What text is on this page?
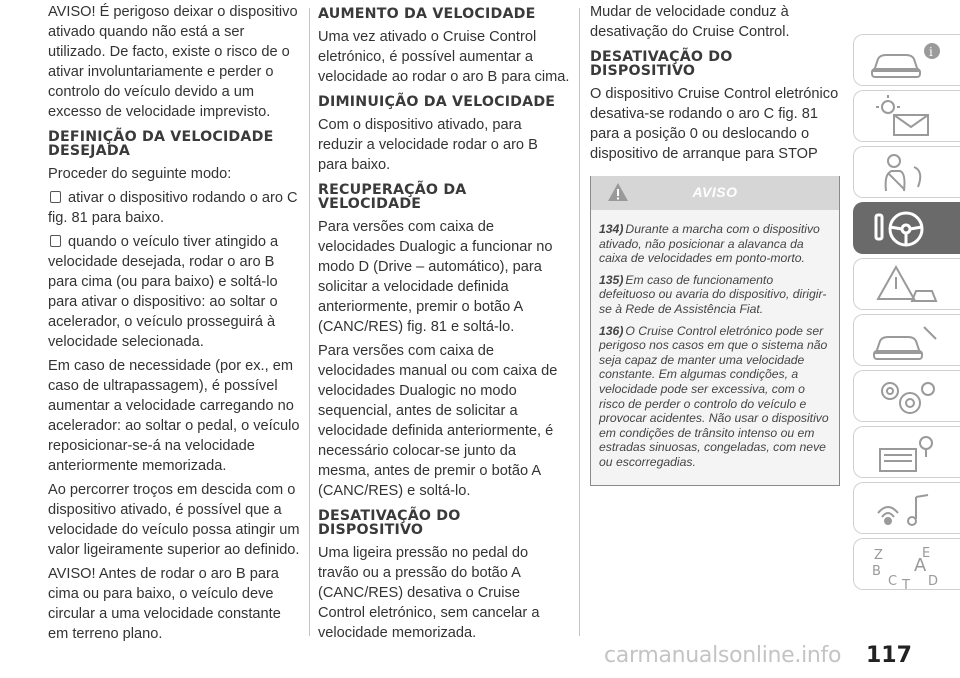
AVISO! É perigoso deixar o dispositivo ativado quando não está a ser utilizado. De facto, existe o risco de o ativar involuntariamente e perder o controlo do veículo devido a um excesso de velocidade imprevisto.

DEFINIÇÃO DA VELOCIDADE DESEJADA

Proceder do seguinte modo:

ativar o dispositivo rodando o aro C fig. 81 para baixo.

quando o veículo tiver atingido a velocidade desejada, rodar o aro B para cima (ou para baixo) e soltá-lo para ativar o dispositivo: ao soltar o acelerador, o veículo prosseguirá à velocidade selecionada.

Em caso de necessidade (por ex., em caso de ultrapassagem), é possível aumentar a velocidade carregando no acelerador: ao soltar o pedal, o veículo reposicionar-se-á na velocidade anteriormente memorizada.

Ao percorrer troços em descida com o dispositivo ativado, é possível que a velocidade do veículo possa atingir um valor ligeiramente superior ao definido.

AVISO! Antes de rodar o aro B para cima ou para baixo, o veículo deve circular a uma velocidade constante em terreno plano.

AUMENTO DA VELOCIDADE

Uma vez ativado o Cruise Control eletrónico, é possível aumentar a velocidade ao rodar o aro B para cima.

DIMINUIÇÃO DA VELOCIDADE

Com o dispositivo ativado, para reduzir a velocidade rodar o aro B para baixo.

RECUPERAÇÃO DA VELOCIDADE

Para versões com caixa de velocidades Dualogic a funcionar no modo D (Drive – automático), para solicitar a velocidade definida anteriormente, premir o botão A (CANC/RES) fig. 81 e soltá-lo.

Para versões com caixa de velocidades manual ou com caixa de velocidades Dualogic no modo sequencial, antes de solicitar a velocidade definida anteriormente, é necessário colocar-se junto da mesma, antes de premir o botão A (CANC/RES) e soltá-lo.

DESATIVAÇÃO DO DISPOSITIVO

Uma ligeira pressão no pedal do travão ou a pressão do botão A (CANC/RES) desativa o Cruise Control eletrónico, sem cancelar a velocidade memorizada.

Mudar de velocidade conduz à desativação do Cruise Control.

DESATIVAÇÃO DO DISPOSITIVO

O dispositivo Cruise Control eletrónico desativa-se rodando o aro C fig. 81 para a posição 0 ou deslocando o dispositivo de arranque para STOP

AVISO

134) Durante a marcha com o dispositivo ativado, não posicionar a alavanca da caixa de velocidades em ponto-morto.

135) Em caso de funcionamento defeituoso ou avaria do dispositivo, dirigir-se à Rede de Assistência Fiat.

136) O Cruise Control eletrónico pode ser perigoso nos casos em que o sistema não seja capaz de manter uma velocidade constante. Em algumas condições, a velocidade pode ser excessiva, com o risco de perder o controlo do veículo e provocar acidentes. Não usar o dispositivo em condições de trânsito intenso ou em estradas sinuosas, congeladas, com neve ou escorregadias.

i
Z	E
B A
C T D
carmanualsonline.info 117
